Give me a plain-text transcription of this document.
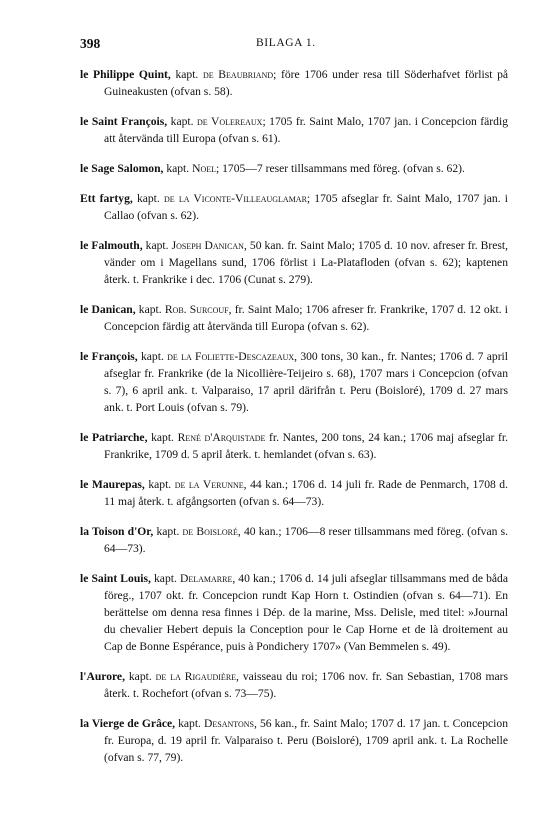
398	BILAGA 1.

le Philippe Quint, kapt. de Beaubriand; före 1706 under resa till Söderhafvet förlist på Guineakusten (ofvan s. 58).

le Saint François, kapt. de Volereaux; 1705 fr. Saint Malo, 1707 jan. i Concepcion färdig att återvända till Europa (ofvan s. 61).

le Sage Salomon, kapt. Noel; 1705—7 reser tillsammans med föreg. (ofvan s. 62).

Ett fartyg, kapt. de la Viconte-Villeauglamar; 1705 afseglar fr. Saint Malo, 1707 jan. i Callao (ofvan s. 62).

le Falmouth, kapt. Joseph Danican, 50 kan. fr. Saint Malo; 1705 d. 10 nov. afreser fr. Brest, vänder om i Magellans sund, 1706 förlist i La-Platafloden (ofvan s. 62); kaptenen återk. t. Frankrike i dec. 1706 (Cunat s. 279).

le Danican, kapt. Rob. Surcouf, fr. Saint Malo; 1706 afreser fr. Frankrike, 1707 d. 12 okt. i Concepcion färdig att återvända till Europa (ofvan s. 62).

le François, kapt. de la Foliette-Descazeaux, 300 tons, 30 kan., fr. Nantes; 1706 d. 7 april afseglar fr. Frankrike (de la Nicollière-Teijeiro s. 68), 1707 mars i Concepcion (ofvan s. 7), 6 april ank. t. Valparaiso, 17 april därifrån t. Peru (Boisloré), 1709 d. 27 mars ank. t. Port Louis (ofvan s. 79).

le Patriarche, kapt. René d'Arquistade fr. Nantes, 200 tons, 24 kan.; 1706 maj afseglar fr. Frankrike, 1709 d. 5 april återk. t. hemlandet (ofvan s. 63).

le Maurepas, kapt. de la Verunne, 44 kan.; 1706 d. 14 juli fr. Rade de Penmarch, 1708 d. 11 maj återk. t. afgångsorten (ofvan s. 64—73).

la Toison d'Or, kapt. de Boisloré, 40 kan.; 1706—8 reser tillsammans med föreg. (ofvan s. 64—73).

le Saint Louis, kapt. Delamarre, 40 kan.; 1706 d. 14 juli afseglar tillsammans med de båda föreg., 1707 okt. fr. Concepcion rundt Kap Horn t. Ostindien (ofvan s. 64—71). En berättelse om denna resa finnes i Dép. de la marine, Mss. Delisle, med titel: »Journal du chevalier Hebert depuis la Conception pour le Cap Horne et de là droitement au Cap de Bonne Espérance, puis à Pondichery 1707» (Van Bemmelen s. 49).

l'Aurore, kapt. de la Rigaudière, vaisseau du roi; 1706 nov. fr. San Sebastian, 1708 mars återk. t. Rochefort (ofvan s. 73—75).

la Vierge de Grâce, kapt. Desantons, 56 kan., fr. Saint Malo; 1707 d. 17 jan. t. Concepcion fr. Europa, d. 19 april fr. Valparaiso t. Peru (Boisloré), 1709 april ank. t. La Rochelle (ofvan s. 77, 79).
